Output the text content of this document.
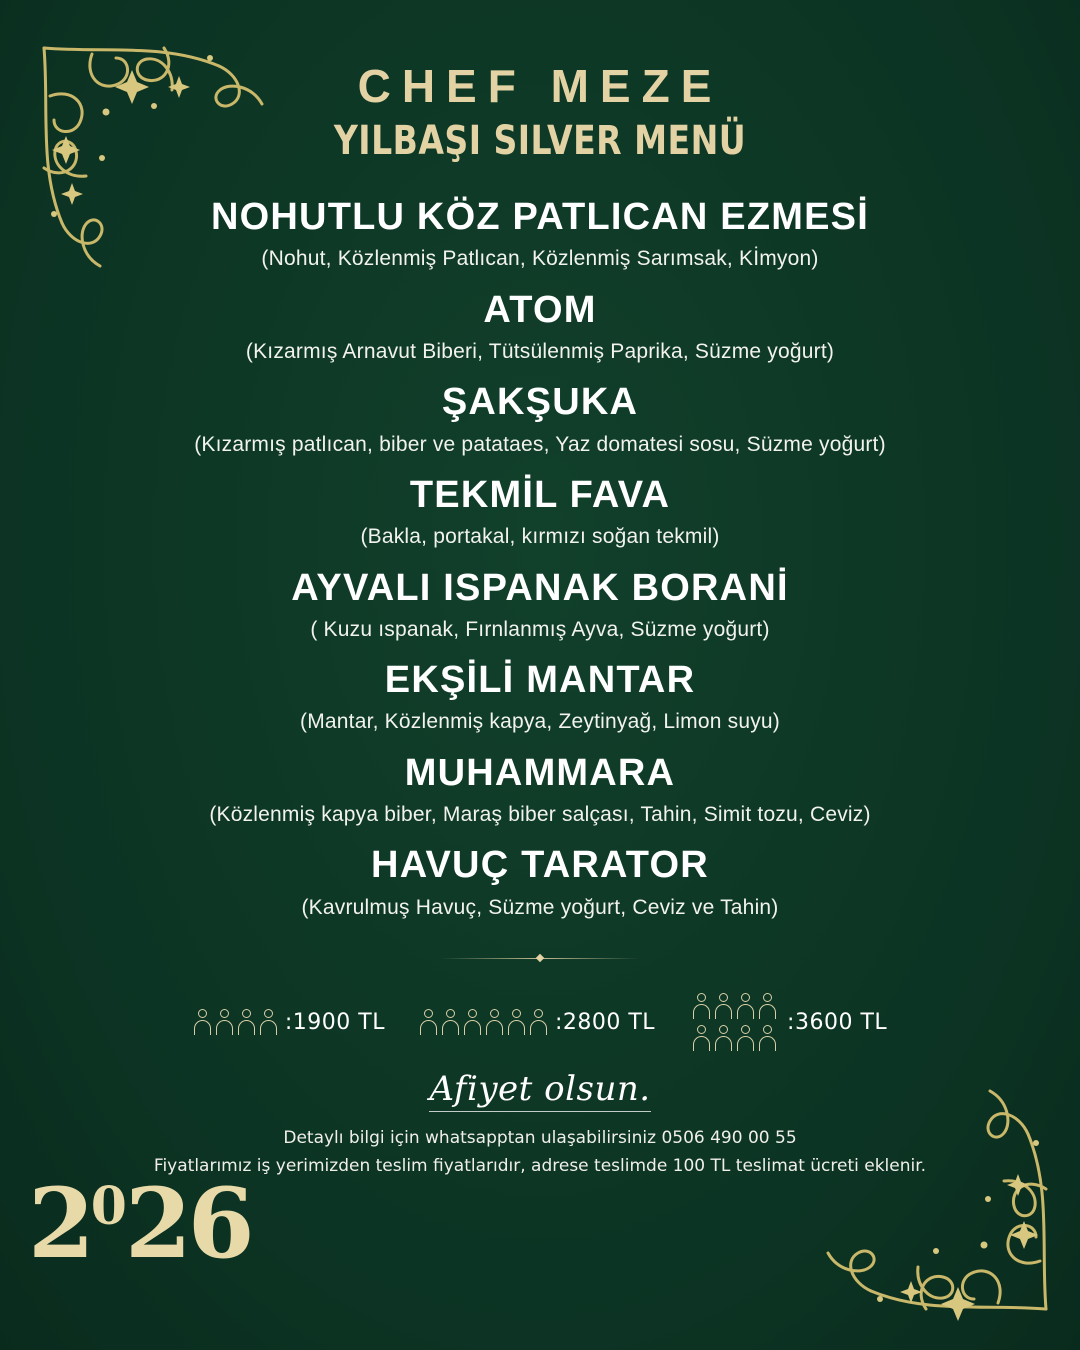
CHEF MEZE
YILBAŞI SILVER MENÜ
NOHUTLU KÖZ PATLICAN EZMESİ
(Nohut, Közlenmiş Patlıcan, Közlenmiş Sarımsak, Kİmyon)
ATOM
(Kızarmış Arnavut Biberi, Tütsülenmiş Paprika, Süzme yoğurt)
ŞAKŞUKA
(Kızarmış patlıcan, biber ve patataes, Yaz domatesi sosu, Süzme yoğurt)
TEKMİL FAVA
(Bakla, portakal, kırmızı soğan tekmil)
AYVALI ISPANAK BORANİ
( Kuzu ıspanak, Fırnlanmış Ayva, Süzme yoğurt)
EKŞİLİ MANTAR
(Mantar, Közlenmiş kapya, Zeytinyağ, Limon suyu)
MUHAMMARA
(Közlenmiş kapya biber, Maraş biber salçası, Tahin, Simit tozu, Ceviz)
HAVUÇ TARATOR
(Kavrulmuş Havuç, Süzme yoğurt, Ceviz ve Tahin)
:1900 TL	:2800 TL	:3600 TL
Afiyet olsun.
Detaylı bilgi için whatsapptan ulaşabilirsiniz 0506 490 00 55
Fiyatlarımız iş yerimizden teslim fiyatlarıdır, adrese teslimde 100 TL teslimat ücreti eklenir.
$2^026$
